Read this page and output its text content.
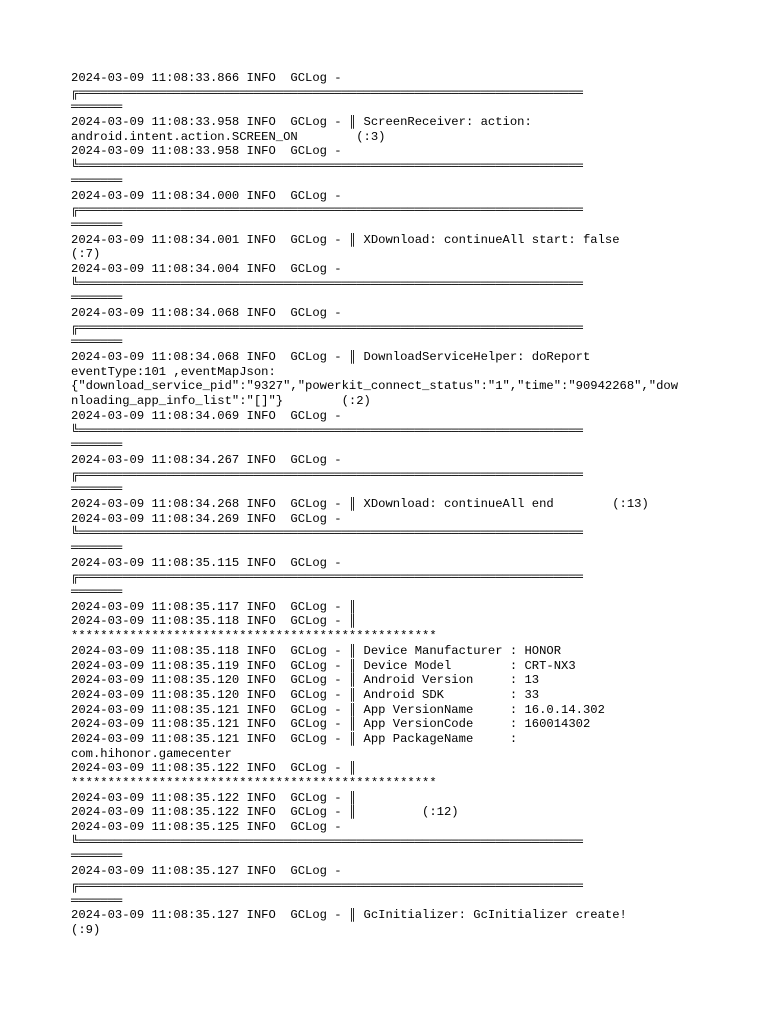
2024-03-09 11:08:33.866 INFO  GCLog -
╔═════════════════════════════════════════════════════════════════════
═══════
2024-03-09 11:08:33.958 INFO  GCLog - ║ ScreenReceiver: action:
android.intent.action.SCREEN_ON        (:3)
2024-03-09 11:08:33.958 INFO  GCLog -
╚═════════════════════════════════════════════════════════════════════
═══════
2024-03-09 11:08:34.000 INFO  GCLog -
╔═════════════════════════════════════════════════════════════════════
═══════
2024-03-09 11:08:34.001 INFO  GCLog - ║ XDownload: continueAll start: false
(:7)
2024-03-09 11:08:34.004 INFO  GCLog -
╚═════════════════════════════════════════════════════════════════════
═══════
2024-03-09 11:08:34.068 INFO  GCLog -
╔═════════════════════════════════════════════════════════════════════
═══════
2024-03-09 11:08:34.068 INFO  GCLog - ║ DownloadServiceHelper: doReport
eventType:101 ,eventMapJson:
{"download_service_pid":"9327","powerkit_connect_status":"1","time":"90942268","dow
nloading_app_info_list":"[]"}        (:2)
2024-03-09 11:08:34.069 INFO  GCLog -
╚═════════════════════════════════════════════════════════════════════
═══════
2024-03-09 11:08:34.267 INFO  GCLog -
╔═════════════════════════════════════════════════════════════════════
═══════
2024-03-09 11:08:34.268 INFO  GCLog - ║ XDownload: continueAll end        (:13)
2024-03-09 11:08:34.269 INFO  GCLog -
╚═════════════════════════════════════════════════════════════════════
═══════
2024-03-09 11:08:35.115 INFO  GCLog -
╔═════════════════════════════════════════════════════════════════════
═══════
2024-03-09 11:08:35.117 INFO  GCLog - ║
2024-03-09 11:08:35.118 INFO  GCLog - ║
**************************************************
2024-03-09 11:08:35.118 INFO  GCLog - ║ Device Manufacturer : HONOR
2024-03-09 11:08:35.119 INFO  GCLog - ║ Device Model        : CRT-NX3
2024-03-09 11:08:35.120 INFO  GCLog - ║ Android Version     : 13
2024-03-09 11:08:35.120 INFO  GCLog - ║ Android SDK         : 33
2024-03-09 11:08:35.121 INFO  GCLog - ║ App VersionName     : 16.0.14.302
2024-03-09 11:08:35.121 INFO  GCLog - ║ App VersionCode     : 160014302
2024-03-09 11:08:35.121 INFO  GCLog - ║ App PackageName     :
com.hihonor.gamecenter
2024-03-09 11:08:35.122 INFO  GCLog - ║
**************************************************
2024-03-09 11:08:35.122 INFO  GCLog - ║
2024-03-09 11:08:35.122 INFO  GCLog - ║         (:12)
2024-03-09 11:08:35.125 INFO  GCLog -
╚═════════════════════════════════════════════════════════════════════
═══════
2024-03-09 11:08:35.127 INFO  GCLog -
╔═════════════════════════════════════════════════════════════════════
═══════
2024-03-09 11:08:35.127 INFO  GCLog - ║ GcInitializer: GcInitializer create!
(:9)
